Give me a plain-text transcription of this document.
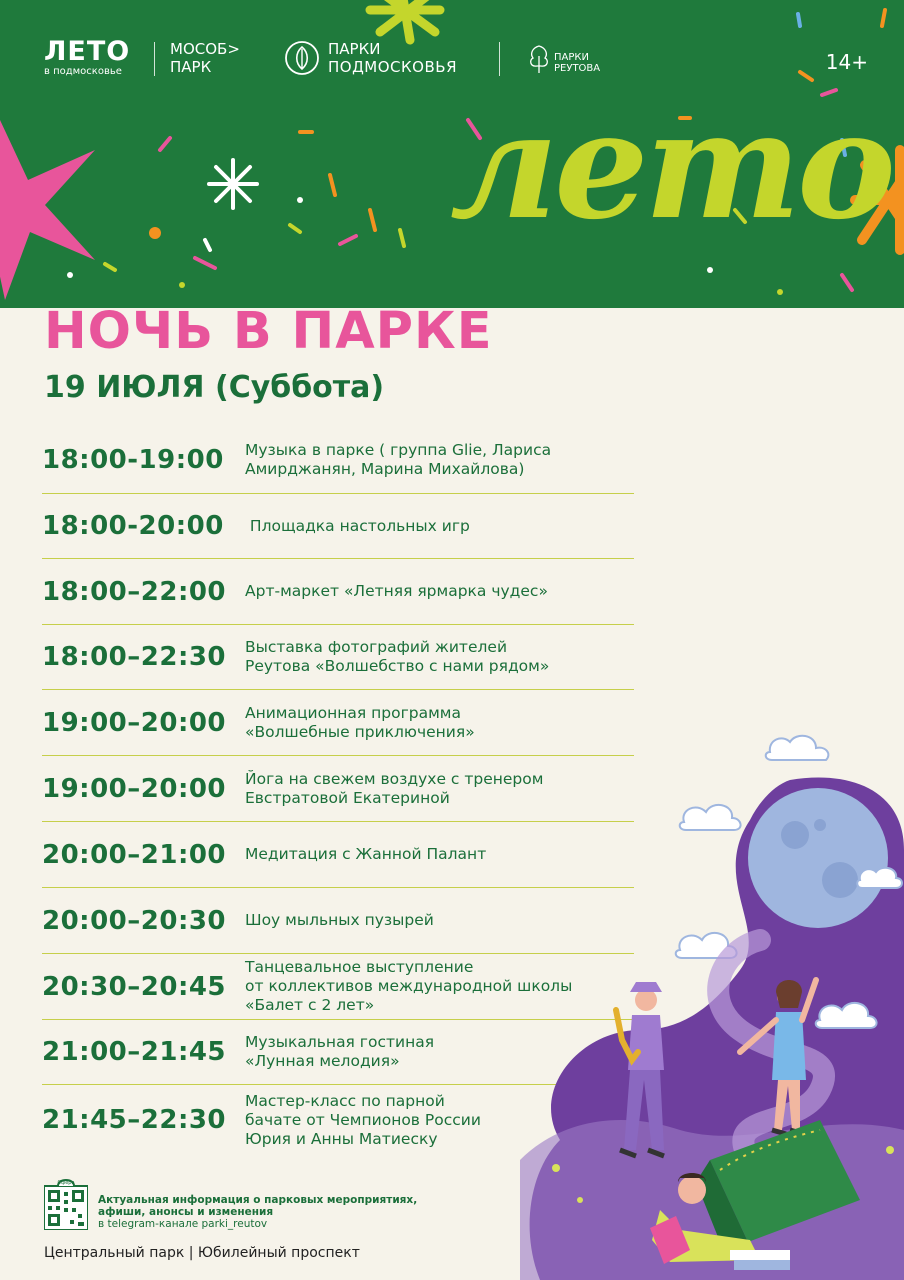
ЛЕТО
в подмосковье
МОСОБ>
ПАРК
ПАРКИ
ПОДМОСКОВЬЯ
ПАРКИ
РЕУТОВА	14+
лето
НОЧЬ В ПАРКЕ
19 ИЮЛЯ (Суббота)
18:00-19:00	Музыка в парке ( группа Glie, Лариса
Амирджанян, Марина Михайлова)
18:00-20:00

	Площадка настольных игр

18:00–22:00	Арт-маркет «Летняя ярмарка чудес»
18:00–22:30	Выставка фотографий жителей
Реутова «Волшебство с нами рядом»
19:00–20:00	Анимационная программа
«Волшебные приключения»
19:00–20:00	Йога на свежем воздухе с тренером
Евстратовой Екатериной
20:00–21:00	Медитация с Жанной Палант
20:00–20:30	Шоу мыльных пузырей
20:30–20:45
Танцевальное выступление
от коллективов международной школы
«Балет с 2 лет»
21:00–21:45	Музыкальная гостиная
«Лунная мелодия»
21:45–22:30
Мастер-класс по парной
бачате от Чемпионов России
Юрия и Анны Матиеску
Сфера
Актуальная информация о парковых мероприятиях,
афиши, анонсы и изменения
в telegram-канале parki_reutov
Центральный парк | Юбилейный проспект
